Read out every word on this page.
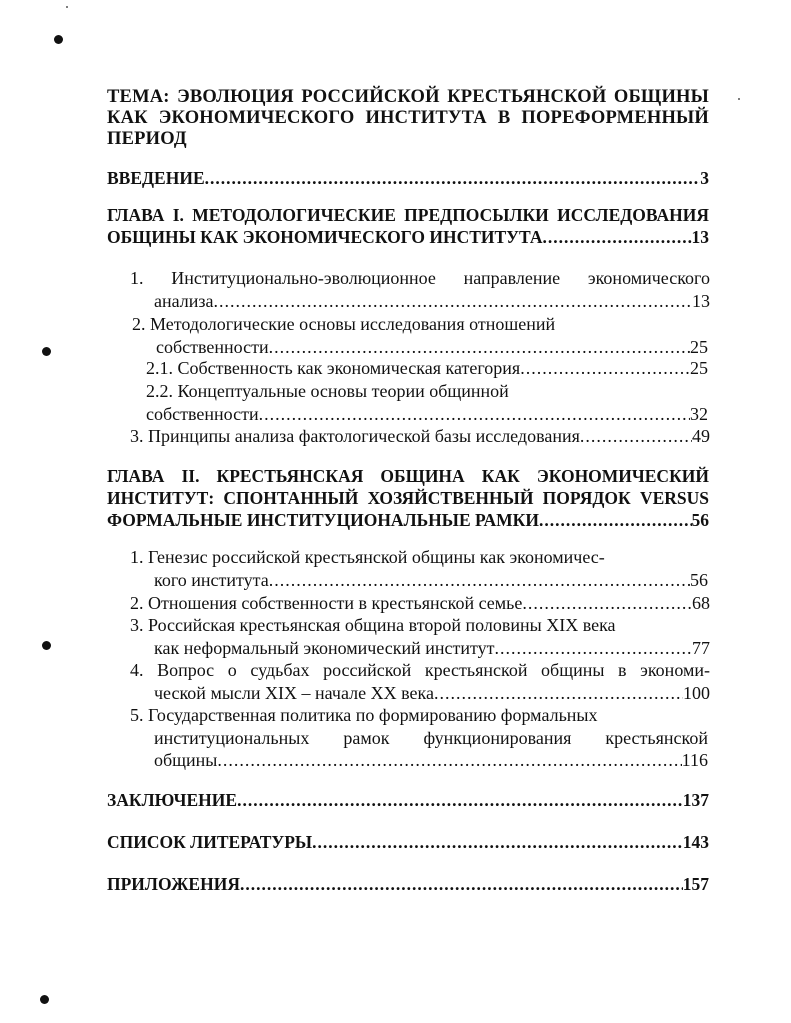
ТЕМА: ЭВОЛЮЦИЯ РОССИЙСКОЙ КРЕСТЬЯНСКОЙ ОБЩИНЫ КАК ЭКОНОМИЧЕСКОГО ИНСТИТУТА В ПОРЕФОРМЕННЫЙ ПЕРИОД
ВВЕДЕНИЕ .....	3
ГЛАВА I. МЕТОДОЛОГИЧЕСКИЕ ПРЕДПОСЫЛКИ ИССЛЕДОВАНИЯ
ОБЩИНЫ КАК ЭКОНОМИЧЕСКОГО ИНСТИТУТА .....	13
1. Институционально-эволюционное направление экономического
анализа .....	13
2. Методологические основы исследования отношений
собственности .....	25
2.1. Собственность как экономическая категория .....	25
2.2. Концептуальные основы теории общинной
собственности .....	32
3. Принципы анализа фактологической базы исследования .....	49
ГЛАВА II. КРЕСТЬЯНСКАЯ ОБЩИНА КАК ЭКОНОМИЧЕСКИЙ
ИНСТИТУТ: СПОНТАННЫЙ ХОЗЯЙСТВЕННЫЙ ПОРЯДОК VERSUS
ФОРМАЛЬНЫЕ ИНСТИТУЦИОНАЛЬНЫЕ РАМКИ .....	56
1. Генезис российской крестьянской общины как экономичес-
кого института .....	56
2. Отношения собственности в крестьянской семье .....	68
3. Российская крестьянская община второй половины XIX века
как неформальный экономический институт .....	77
4. Вопрос о судьбах российской крестьянской общины в экономи-
ческой мысли XIX – начале XX века .....	100
5. Государственная политика по формированию формальных
институциональных рамок функционирования крестьянской
общины .....	116
ЗАКЛЮЧЕНИЕ .....	137
СПИСОК ЛИТЕРАТУРЫ .....	143
ПРИЛОЖЕНИЯ .....	157
